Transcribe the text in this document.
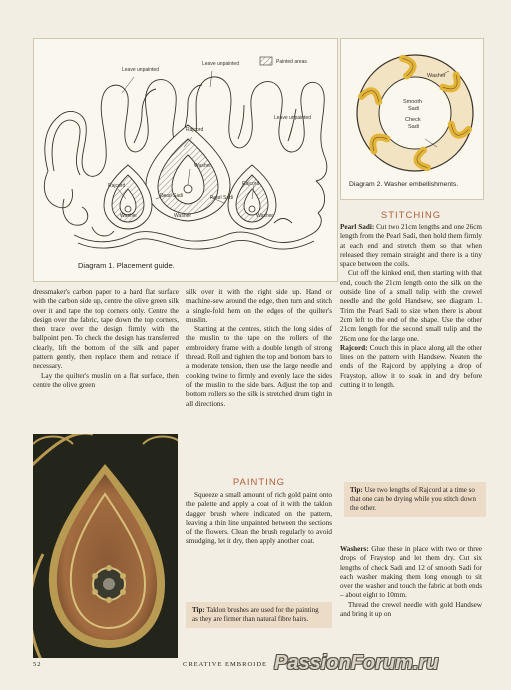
Leave unpainted
Leave unpainted
Leave unpainted
Painted areas
Rajcord
Rajcord	Rajcord
Washer
Washer	Washer
Washer
Pearl Sadi	Pearl Sadi
Diagram 1. Placement guide.
Washer
Smooth
Sadi
Check
Sadi
Diagram 2. Washer embellishments.

dressmaker's carbon paper to a hard flat surface with the carbon side up, centre the olive green silk over it and tape the top corners only. Centre the design over the fabric, tape down the top corners, then trace over the design firmly with the ballpoint pen. To check the design has transferred clearly, lift the bottom of the silk and paper pattern gently, then replace them and retrace if necessary.

Lay the quilter's muslin on a flat surface, then centre the olive green

silk over it with the right side up. Hand or machine-sew around the edge, then turn and stitch a single-fold hem on the edges of the quilter's muslin.

Starting at the centres, stitch the long sides of the muslin to the tape on the rollers of the embroidery frame with a double length of strong thread. Roll and tighten the top and bottom bars to a moderate tension, then use the large needle and cooking twine to firmly and evenly lace the sides of the muslin to the side bars. Adjust the top and bottom rollers so the silk is stretched drum tight in all directions.

PAINTING

Squeeze a small amount of rich gold paint onto the palette and apply a coat of it with the taklon dagger brush where indicated on the pattern, leaving a thin line unpainted between the sections of the flowers. Clean the brush regularly to avoid smudging, let it dry, then apply another coat.

Tip: Taklon brushes are used for the painting as they are firmer than natural fibre hairs.
STITCHING

Pearl Sadi: Cut two 21cm lengths and one 26cm length from the Pearl Sadi, then hold them firmly at each end and stretch them so that when released they remain straight and there is a tiny space between the coils.

Cut off the kinked end, then starting with that end, couch the 21cm length onto the silk on the outside line of a small tulip with the crewel needle and the gold Handsew, see diagram 1. Trim the Pearl Sadi to size when there is about 2cm left to the end of the shape. Use the other 21cm length for the second small tulip and the 26cm one for the large one.

Rajcord: Couch this in place along all the other lines on the pattern with Handsew. Neaten the ends of the Rajcord by applying a drop of Fraystop, allow it to soak in and dry before cutting it to length.

Tip: Use two lengths of Rajcord at a time so that one can be drying while you stitch down the other.

Washers: Glue these in place with two or three drops of Fraystop and let them dry. Cut six lengths of check Sadi and 12 of smooth Sadi for each washer making them long enough to sit over the washer and touch the fabric at both ends – about eight to 10mm.

Thread the crewel needle with gold Handsew and bring it up on

52	CREATIVE EMBROIDE PassionForum.ru
